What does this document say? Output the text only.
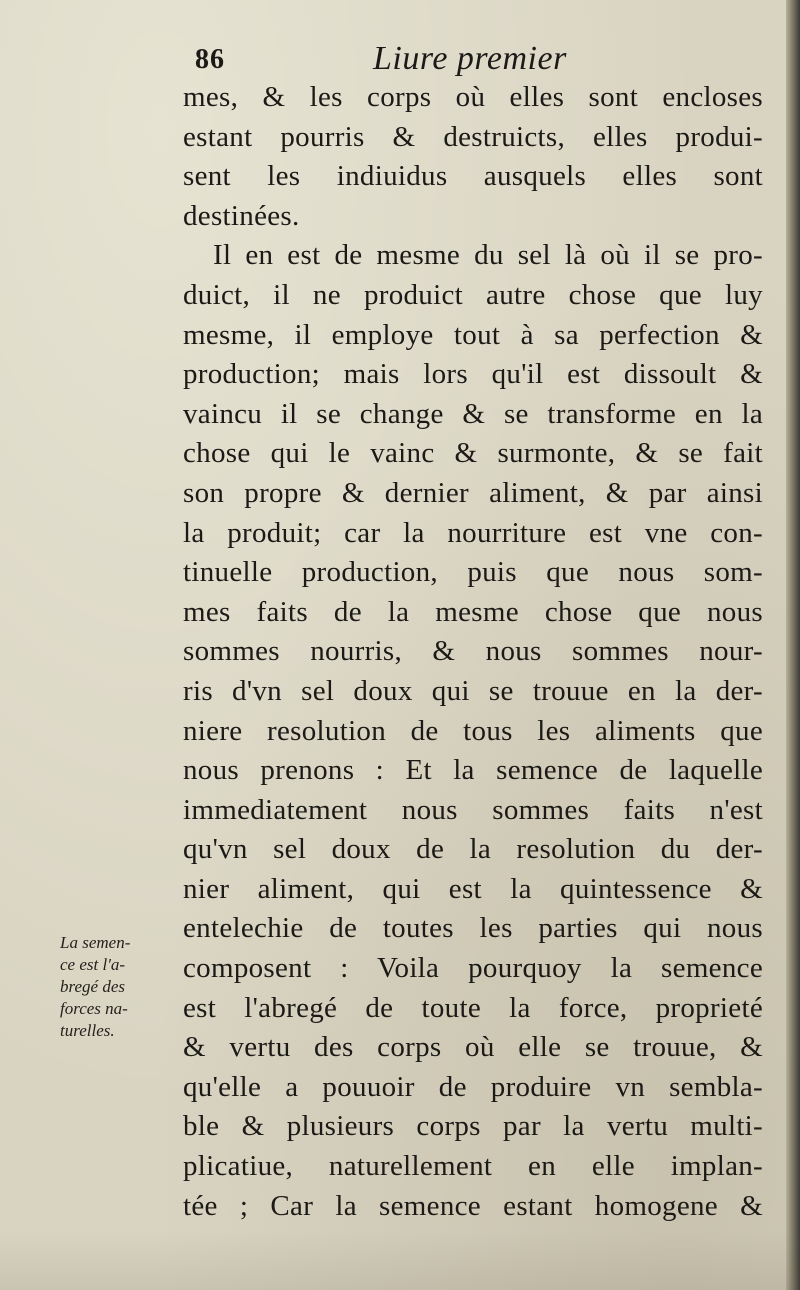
86	Liure premier
mes, & les corps où elles sont encloses
estant pourris & destruicts, elles produi-
sent les indiuidus ausquels elles sont
destinées.
Il en est de mesme du sel là où il se pro-
duict, il ne produict autre chose que luy
mesme, il employe tout à sa perfection &
production; mais lors qu'il est dissoult &
vaincu il se change & se transforme en la
chose qui le vainc & surmonte, & se fait
son propre & dernier aliment, & par ainsi
la produit; car la nourriture est vne con-
tinuelle production, puis que nous som-
mes faits de la mesme chose que nous
sommes nourris, & nous sommes nour-
ris d'vn sel doux qui se trouue en la der-
niere resolution de tous les aliments que
nous prenons : Et la semence de laquelle
immediatement nous sommes faits n'est
qu'vn sel doux de la resolution du der-
nier aliment, qui est la quintessence &
entelechie de toutes les parties qui nous
composent : Voila pourquoy la semence
est l'abregé de toute la force, proprieté
& vertu des corps où elle se trouue, &
qu'elle a pouuoir de produire vn sembla-
ble & plusieurs corps par la vertu multi-
plicatiue, naturellement en elle implan-
tée ; Car la semence estant homogene &
La semen-
ce est l'a-
bregé des
forces na-
turelles.
